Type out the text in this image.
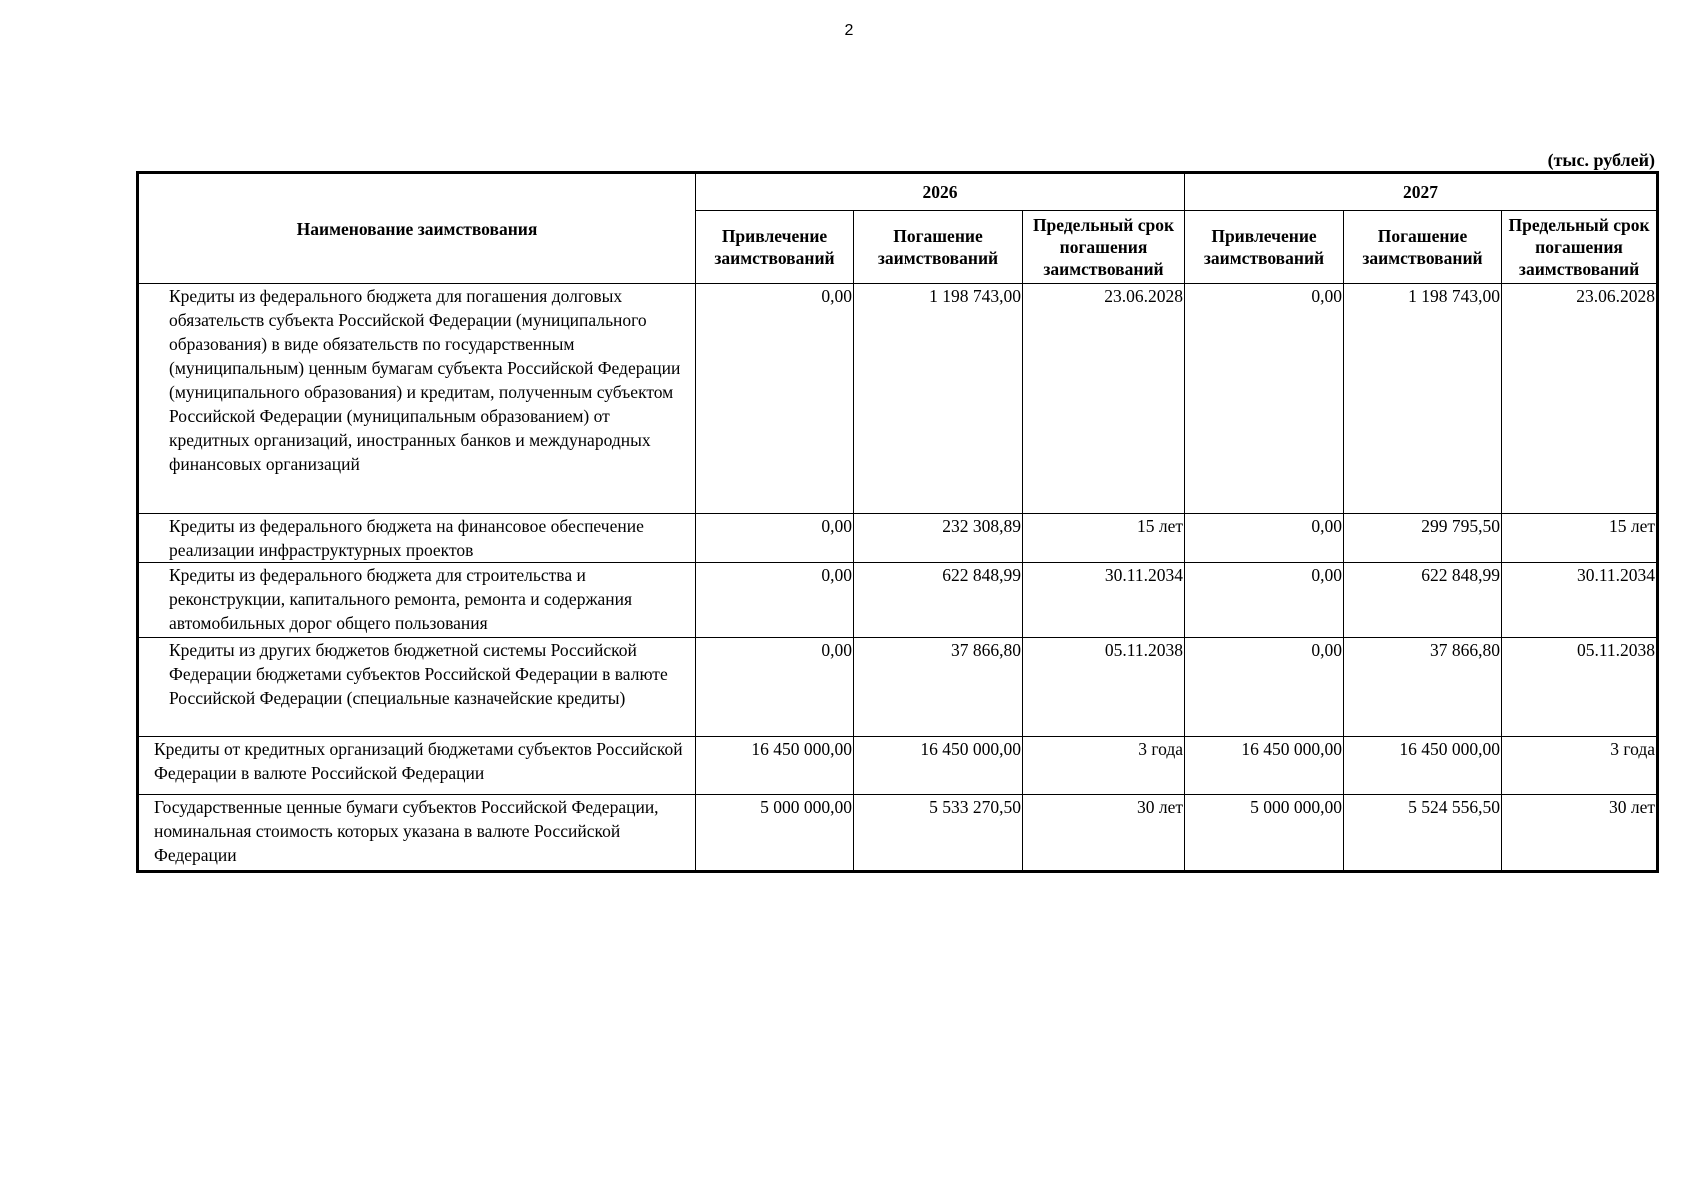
2
(тыс. рублей)
Наименование заимствования	2026			2027		
	Привлечение заимствований	Погашение заимствований	Предельный срок погашения заимствований	Привлечение заимствований	Погашение заимствований	Предельный срок погашения заимствований
Кредиты из федерального бюджета для погашения долговых обязательств субъекта Российской Федерации (муниципального образования) в виде обязательств по государственным (муниципальным) ценным бумагам субъекта Российской Федерации (муниципального образования) и кредитам, полученным субъектом Российской Федерации (муниципальным образованием) от кредитных организаций, иностранных банков и международных финансовых организаций	0,00	1 198 743,00	23.06.2028	0,00	1 198 743,00	23.06.2028
Кредиты из федерального бюджета на финансовое обеспечение реализации инфраструктурных проектов	0,00	232 308,89	15 лет	0,00	299 795,50	15 лет
Кредиты из федерального бюджета для строительства и реконструкции, капитального ремонта, ремонта и содержания автомобильных дорог общего пользования	0,00	622 848,99	30.11.2034	0,00	622 848,99	30.11.2034
Кредиты из других бюджетов бюджетной системы Российской Федерации бюджетами субъектов Российской Федерации в валюте Российской Федерации (специальные казначейские кредиты)	0,00	37 866,80	05.11.2038	0,00	37 866,80	05.11.2038
Кредиты от кредитных организаций бюджетами субъектов Российской Федерации в валюте Российской Федерации	16 450 000,00	16 450 000,00	3 года	16 450 000,00	16 450 000,00	3 года
Государственные ценные бумаги субъектов Российской Федерации, номинальная стоимость которых указана в валюте Российской Федерации	5 000 000,00	5 533 270,50	30 лет	5 000 000,00	5 524 556,50	30 лет
